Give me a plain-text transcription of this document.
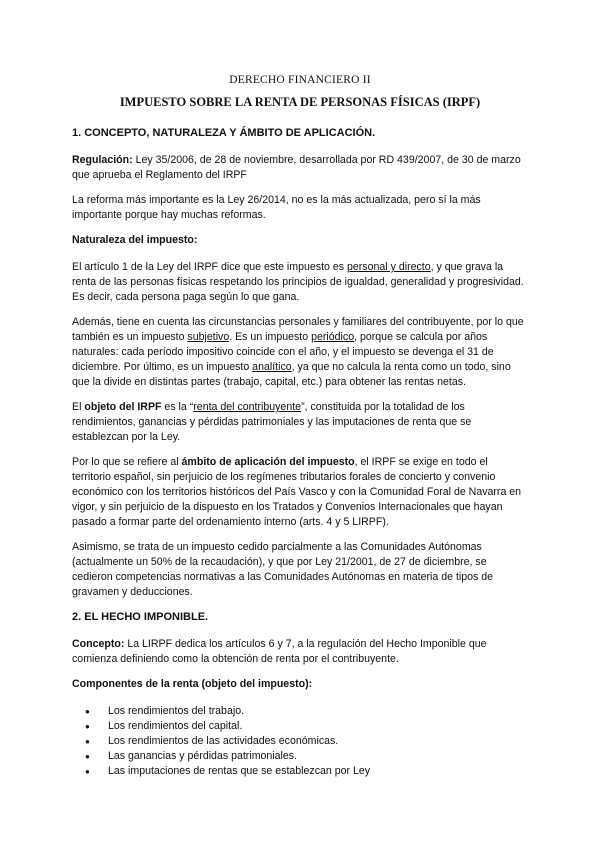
DERECHO FINANCIERO II
IMPUESTO SOBRE LA RENTA DE PERSONAS FÍSICAS (IRPF)

1. CONCEPTO, NATURALEZA Y ÁMBITO DE APLICACIÓN.

Regulación: Ley 35/2006, de 28 de noviembre, desarrollada por RD 439/2007, de 30 de marzo que aprueba el Reglamento del IRPF

La reforma más importante es la Ley 26/2014, no es la más actualizada, pero sí la más importante porque hay muchas reformas.

Naturaleza del impuesto:

El artículo 1 de la Ley del IRPF dice que este impuesto es personal y directo, y que grava la renta de las personas físicas respetando los principios de igualdad, generalidad y progresividad. Es decir, cada persona paga según lo que gana.

Además, tiene en cuenta las circunstancias personales y familiares del contribuyente, por lo que también es un impuesto subjetivo. Es un impuesto periódico, porque se calcula por años naturales: cada período impositivo coincide con el año, y el impuesto se devenga el 31 de diciembre. Por último, es un impuesto analítico, ya que no calcula la renta como un todo, sino que la divide en distintas partes (trabajo, capital, etc.) para obtener las rentas netas.

El objeto del IRPF es la “renta del contribuyente”, constituida por la totalidad de los rendimientos, ganancias y pérdidas patrimoniales y las imputaciones de renta que se establezcan por la Ley.

Por lo que se refiere al ámbito de aplicación del impuesto, el IRPF se exige en todo el territorio español, sin perjuicio de los regímenes tributarios forales de concierto y convenio económico con los territorios históricos del País Vasco y con la Comunidad Foral de Navarra en vigor, y sin perjuicio de la dispuesto en los Tratados y Convenios Internacionales que hayan pasado a formar parte del ordenamiento interno (arts. 4 y 5 LIRPF).

Asimismo, se trata de un impuesto cedido parcialmente a las Comunidades Autónomas (actualmente un 50% de la recaudación), y que por Ley 21/2001, de 27 de diciembre, se cedieron competencias normativas a las Comunidades Autónomas en materia de tipos de gravamen y deducciones.

2. EL HECHO IMPONIBLE.

Concepto: La LIRPF dedica los artículos 6 y 7, a la regulación del Hecho Imponible que comienza definiendo como la obtención de renta por el contribuyente.

Componentes de la renta (objeto del impuesto):

● Los rendimientos del trabajo.
● Los rendimientos del capital.
● Los rendimientos de las actividades económicas.
● Las ganancias y pérdidas patrimoniales.
● Las imputaciones de rentas que se establezcan por Ley
